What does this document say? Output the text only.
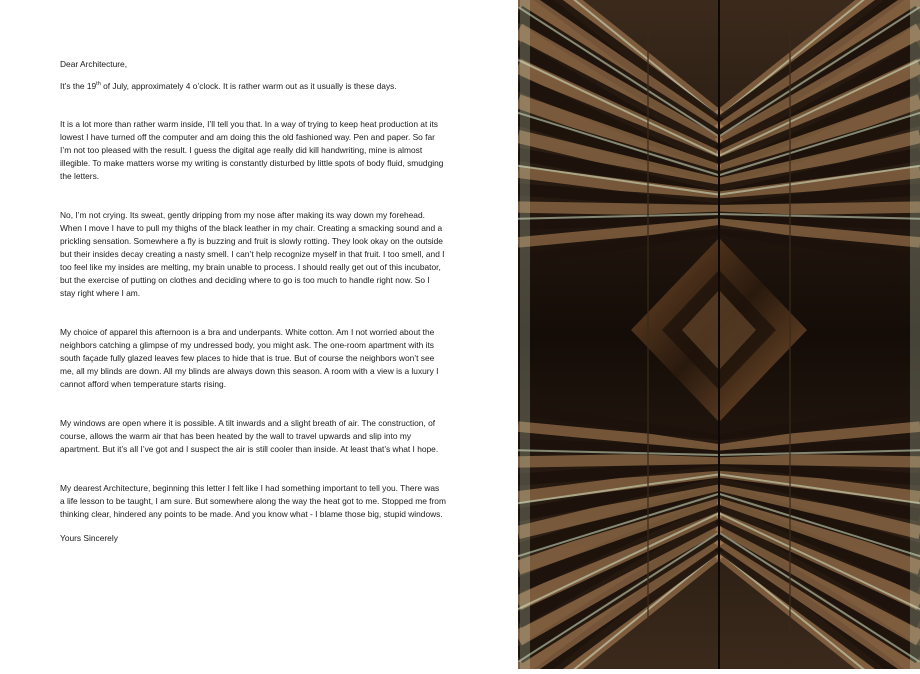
Dear Architecture,

It’s the 19th of July, approximately 4 o’clock. It is rather warm out as it usually is these days.

It is a lot more than rather warm inside, I’ll tell you that. In a way of trying to keep heat production at its lowest I have turned off the computer and am doing this the old fashioned way. Pen and paper. So far I’m not too pleased with the result. I guess the digital age really did kill handwriting, mine is almost illegible. To make matters worse my writing is constantly disturbed by little spots of body fluid, smudging the letters.

No, I’m not crying. Its sweat, gently dripping from my nose after making its way down my forehead. When I move I have to pull my thighs of the black leather in my chair. Creating a smacking sound and a prickling sensation. Somewhere a fly is buzzing and fruit is slowly rotting. They look okay on the outside but their insides decay creating a nasty smell. I can’t help recognize myself in that fruit. I too smell, and I too feel like my insides are melting, my brain unable to process. I should really get out of this incubator, but the exercise of putting on clothes and deciding where to go is too much to handle right now. So I stay right where I am.

My choice of apparel this afternoon is a bra and underpants. White cotton. Am I not worried about the neighbors catching a glimpse of my undressed body, you might ask. The one-room apartment with its south façade fully glazed leaves few places to hide that is true. But of course the neighbors won’t see me, all my blinds are down. All my blinds are always down this season. A room with a view is a luxury I cannot afford when temperature starts rising.

My windows are open where it is possible. A tilt inwards and a slight breath of air. The construction, of course, allows the warm air that has been heated by the wall to travel upwards and slip into my apartment. But it’s all I’ve got and I suspect the air is still cooler than inside. At least that’s what I hope.

My dearest Architecture, beginning this letter I felt like I had something important to tell you. There was a life lesson to be taught, I am sure. But somewhere along the way the heat got to me. Stopped me from thinking clear, hindered any points to be made. And you know what - I blame those big, stupid windows.

Yours Sincerely
